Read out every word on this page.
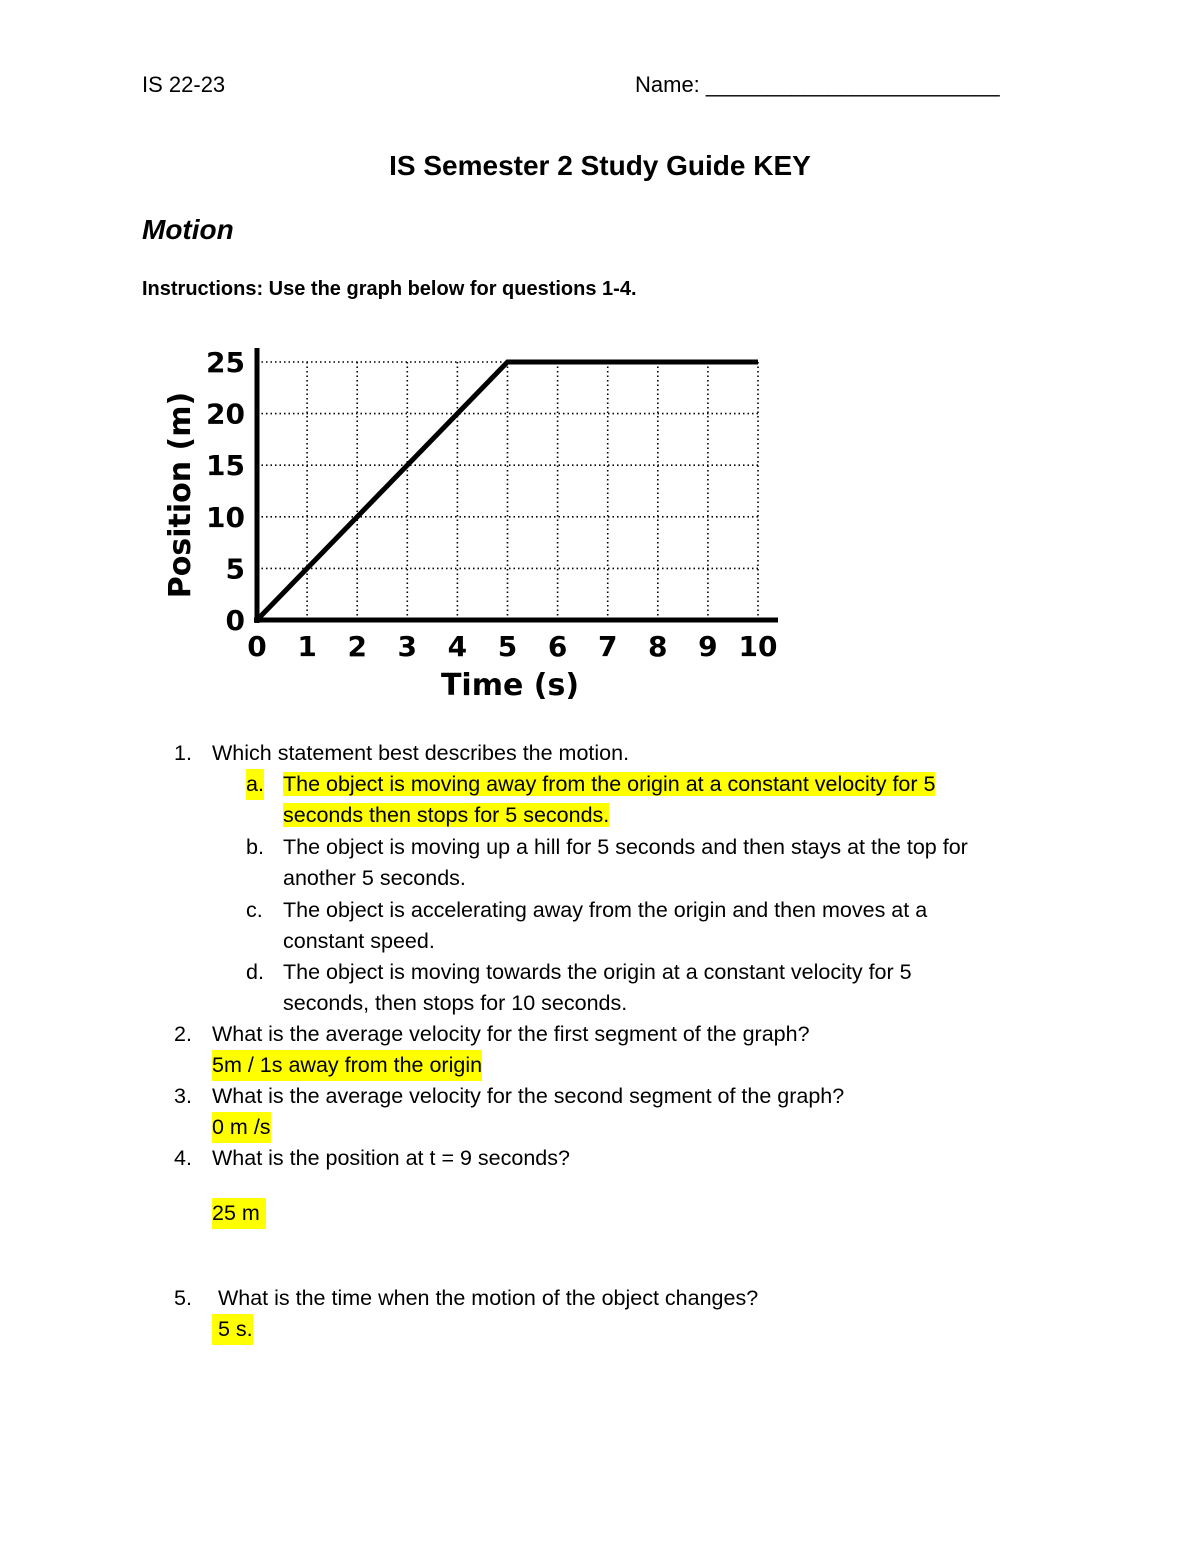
IS 22-23	Name: ________________________
IS Semester 2 Study Guide KEY
Motion
Instructions: Use the graph below for questions 1-4.
0 1 2 3 4 5 6 7 8 9 10
0
5
10
15
20
25
Time (s)
Position (m)
1. Which statement best describes the motion.
a. The object is moving away from the origin at a constant velocity for 5
seconds then stops for 5 seconds.
b. The object is moving up a hill for 5 seconds and then stays at the top for
another 5 seconds.
c. The object is accelerating away from the origin and then moves at a
constant speed.
d. The object is moving towards the origin at a constant velocity for 5
seconds, then stops for 10 seconds.
2. What is the average velocity for the first segment of the graph?
5m / 1s away from the origin
3. What is the average velocity for the second segment of the graph?
0 m /s
4. What is the position at t = 9 seconds?
25 m
5. What is the time when the motion of the object changes?
5 s.
